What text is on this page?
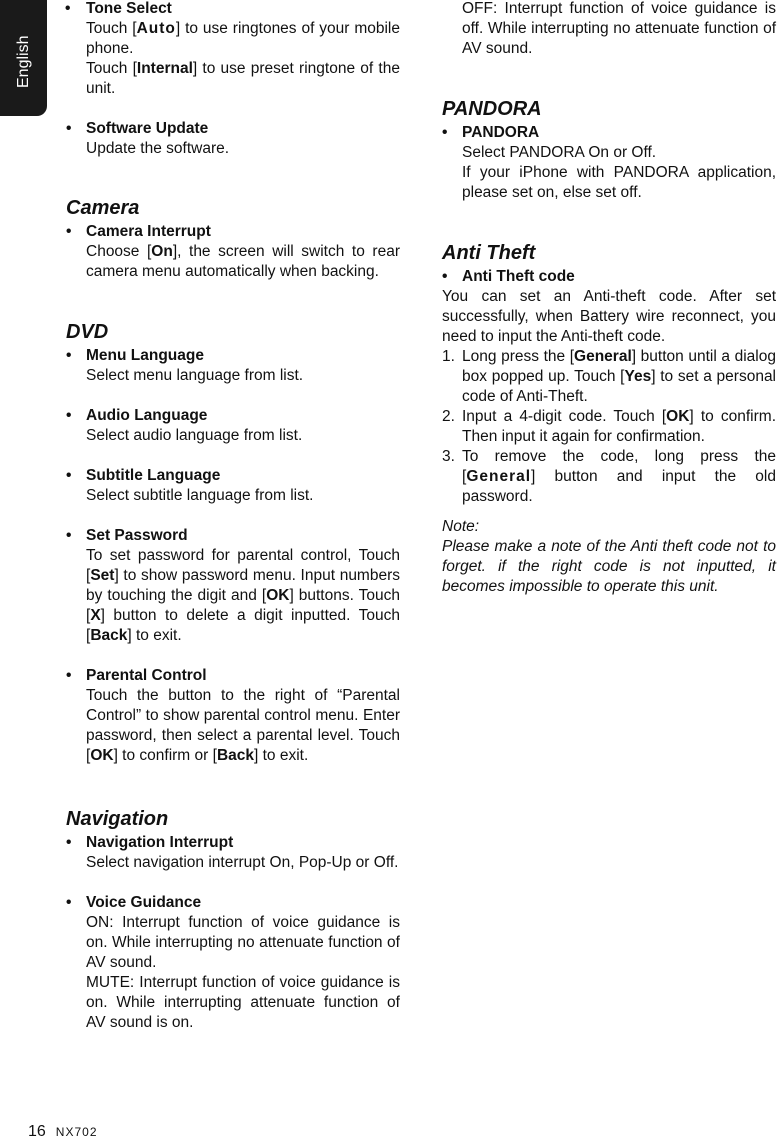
English
•	Tone Select

Touch [Auto] to use ringtones of your mobile phone.

Touch [Internal] to use preset ringtone of the unit.

• Software Update

Update the software.

Camera
• Camera Interrupt

Choose [On], the screen will switch to rear camera menu automatically when backing.

DVD
• Menu Language

Select menu language from list.

• Audio Language

Select audio language from list.

• Subtitle Language

Select subtitle language from list.

• Set Password

To set password for parental control, Touch [Set] to show password menu. Input numbers by touching the digit and [OK] buttons. Touch [X] button to delete a digit inputted. Touch [Back] to exit.

• Parental Control

Touch the button to the right of “Parental Control” to show parental control menu. Enter password, then select a parental level. Touch [OK] to confirm or [Back] to exit.

Navigation
• Navigation Interrupt

Select navigation interrupt On, Pop-Up or Off.

• Voice Guidance

ON: Interrupt function of voice guidance is on. While interrupting no attenuate function of AV sound.

MUTE: Interrupt function of voice guidance is on. While interrupting attenuate function of AV sound is on.

OFF: Interrupt function of voice guidance is off. While interrupting no attenuate function of AV sound.

PANDORA
• PANDORA

Select PANDORA On or Off.

If your iPhone with PANDORA application, please set on, else set off.

Anti Theft
• Anti Theft code

You can set an Anti-theft code. After set successfully, when Battery wire reconnect, you need to input the Anti-theft code.

1. Long press the [General] button until a dialog box popped up. Touch [Yes] to set a personal code of Anti-Theft.

2. Input a 4-digit code. Touch [OK] to confirm. Then input it again for confirmation.

3. To remove the code, long press the [General] button and input the old password.

Note:

Please make a note of the Anti theft code not to forget. if the right code is not inputted, it becomes impossible to operate this unit.

16 NX702
